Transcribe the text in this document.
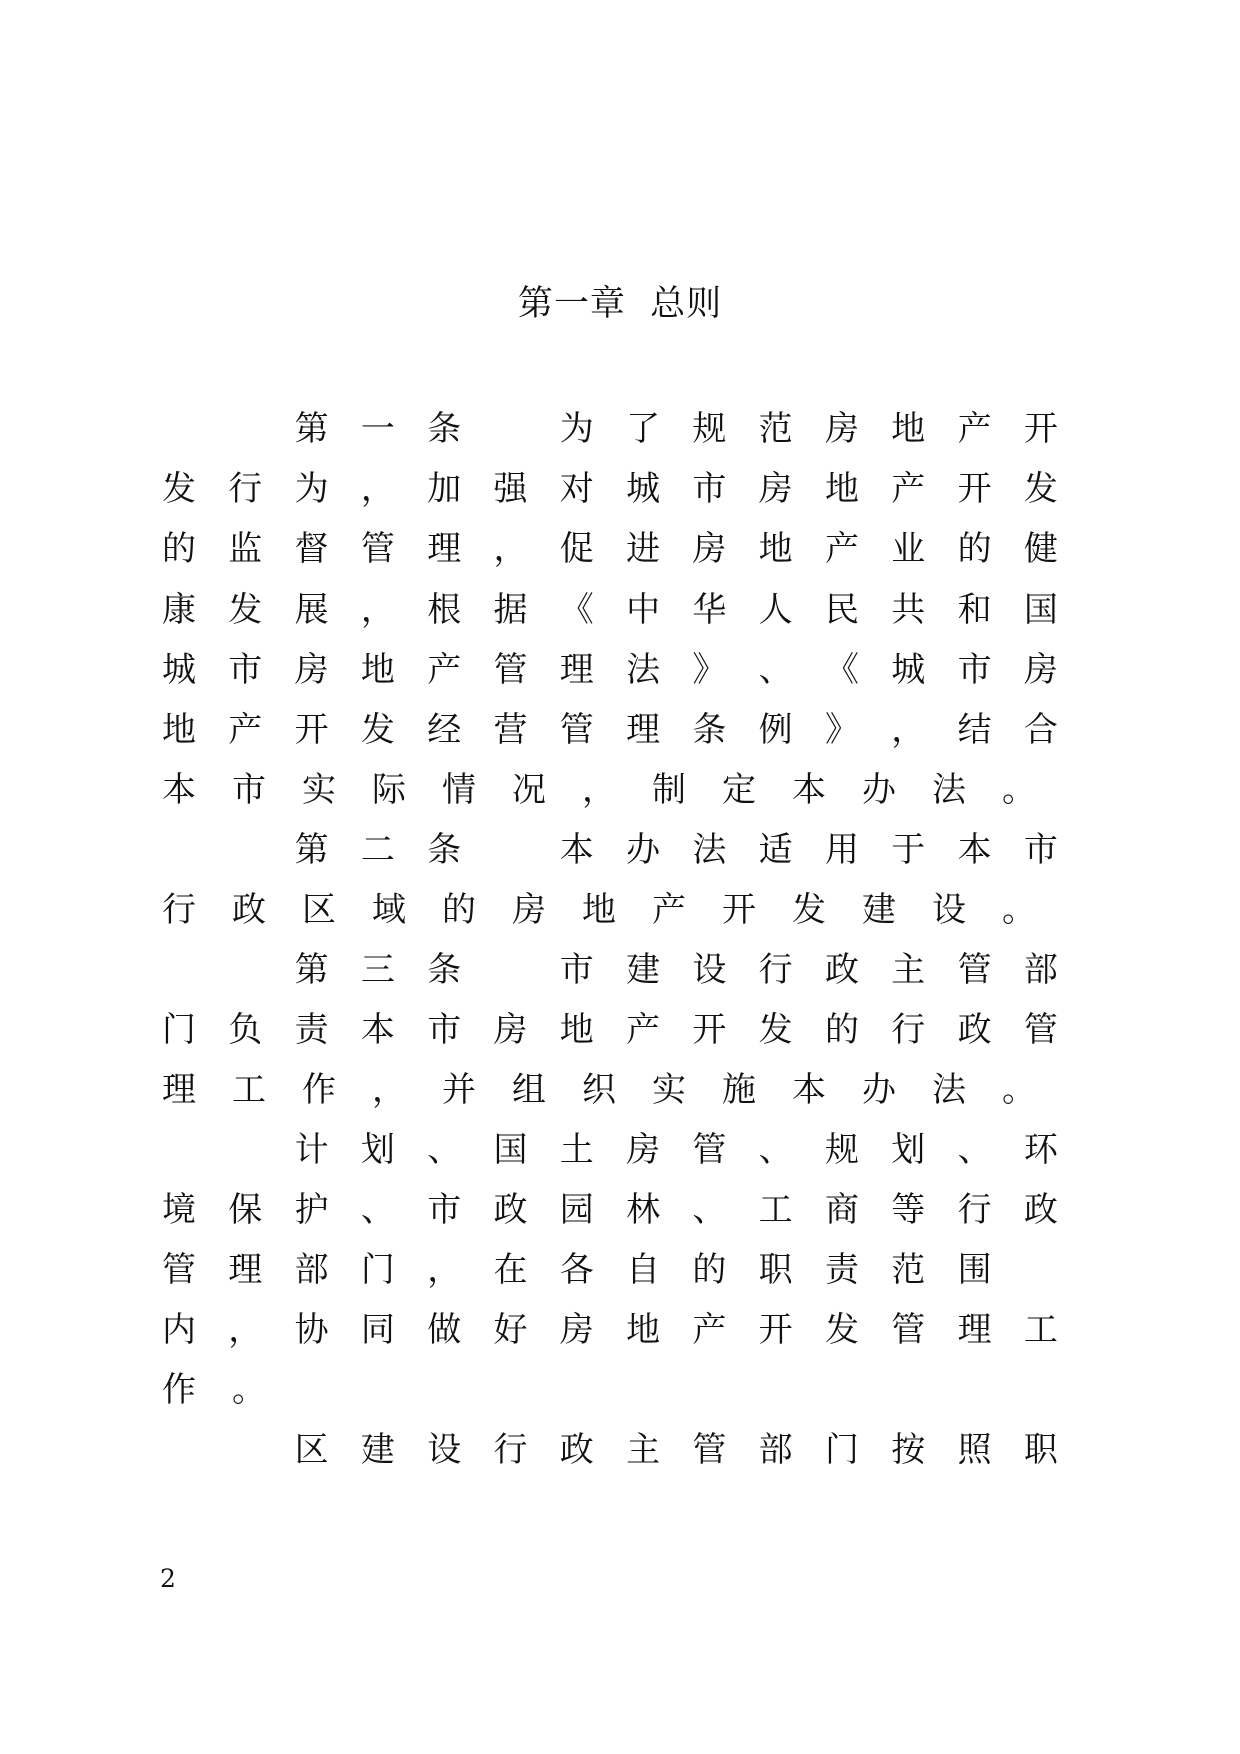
第一章  总则
第 一 条	为 了 规 范 房 地 产 开
发 行 为 ， 加 强 对 城 市 房 地 产 开 发
的 监 督 管 理 ， 促 进 房 地 产 业 的 健
康 发 展 ， 根 据 《 中 华 人 民 共 和 国
城 市 房 地 产 管 理 法 》 、 《 城 市 房
地 产 开 发 经 营 管 理 条 例 》 ， 结 合
本 市 实 际 情 况 ， 制 定 本 办 法 。
第 二 条	本 办 法 适 用 于 本 市
行 政 区 域 的 房 地 产 开 发 建 设 。
第 三 条	市 建 设 行 政 主 管 部
门 负 责 本 市 房 地 产 开 发 的 行 政 管
理 工 作 ， 并 组 织 实 施 本 办 法 。
计 划 、 国 土 房 管 、 规 划 、 环
境 保 护 、 市 政 园 林 、 工 商 等 行 政
管 理 部 门 ， 在 各 自 的 职 责 范 围
内 ， 协 同 做 好 房 地 产 开 发 管 理 工
作 。
区 建 设 行 政 主 管 部 门 按 照 职
2
